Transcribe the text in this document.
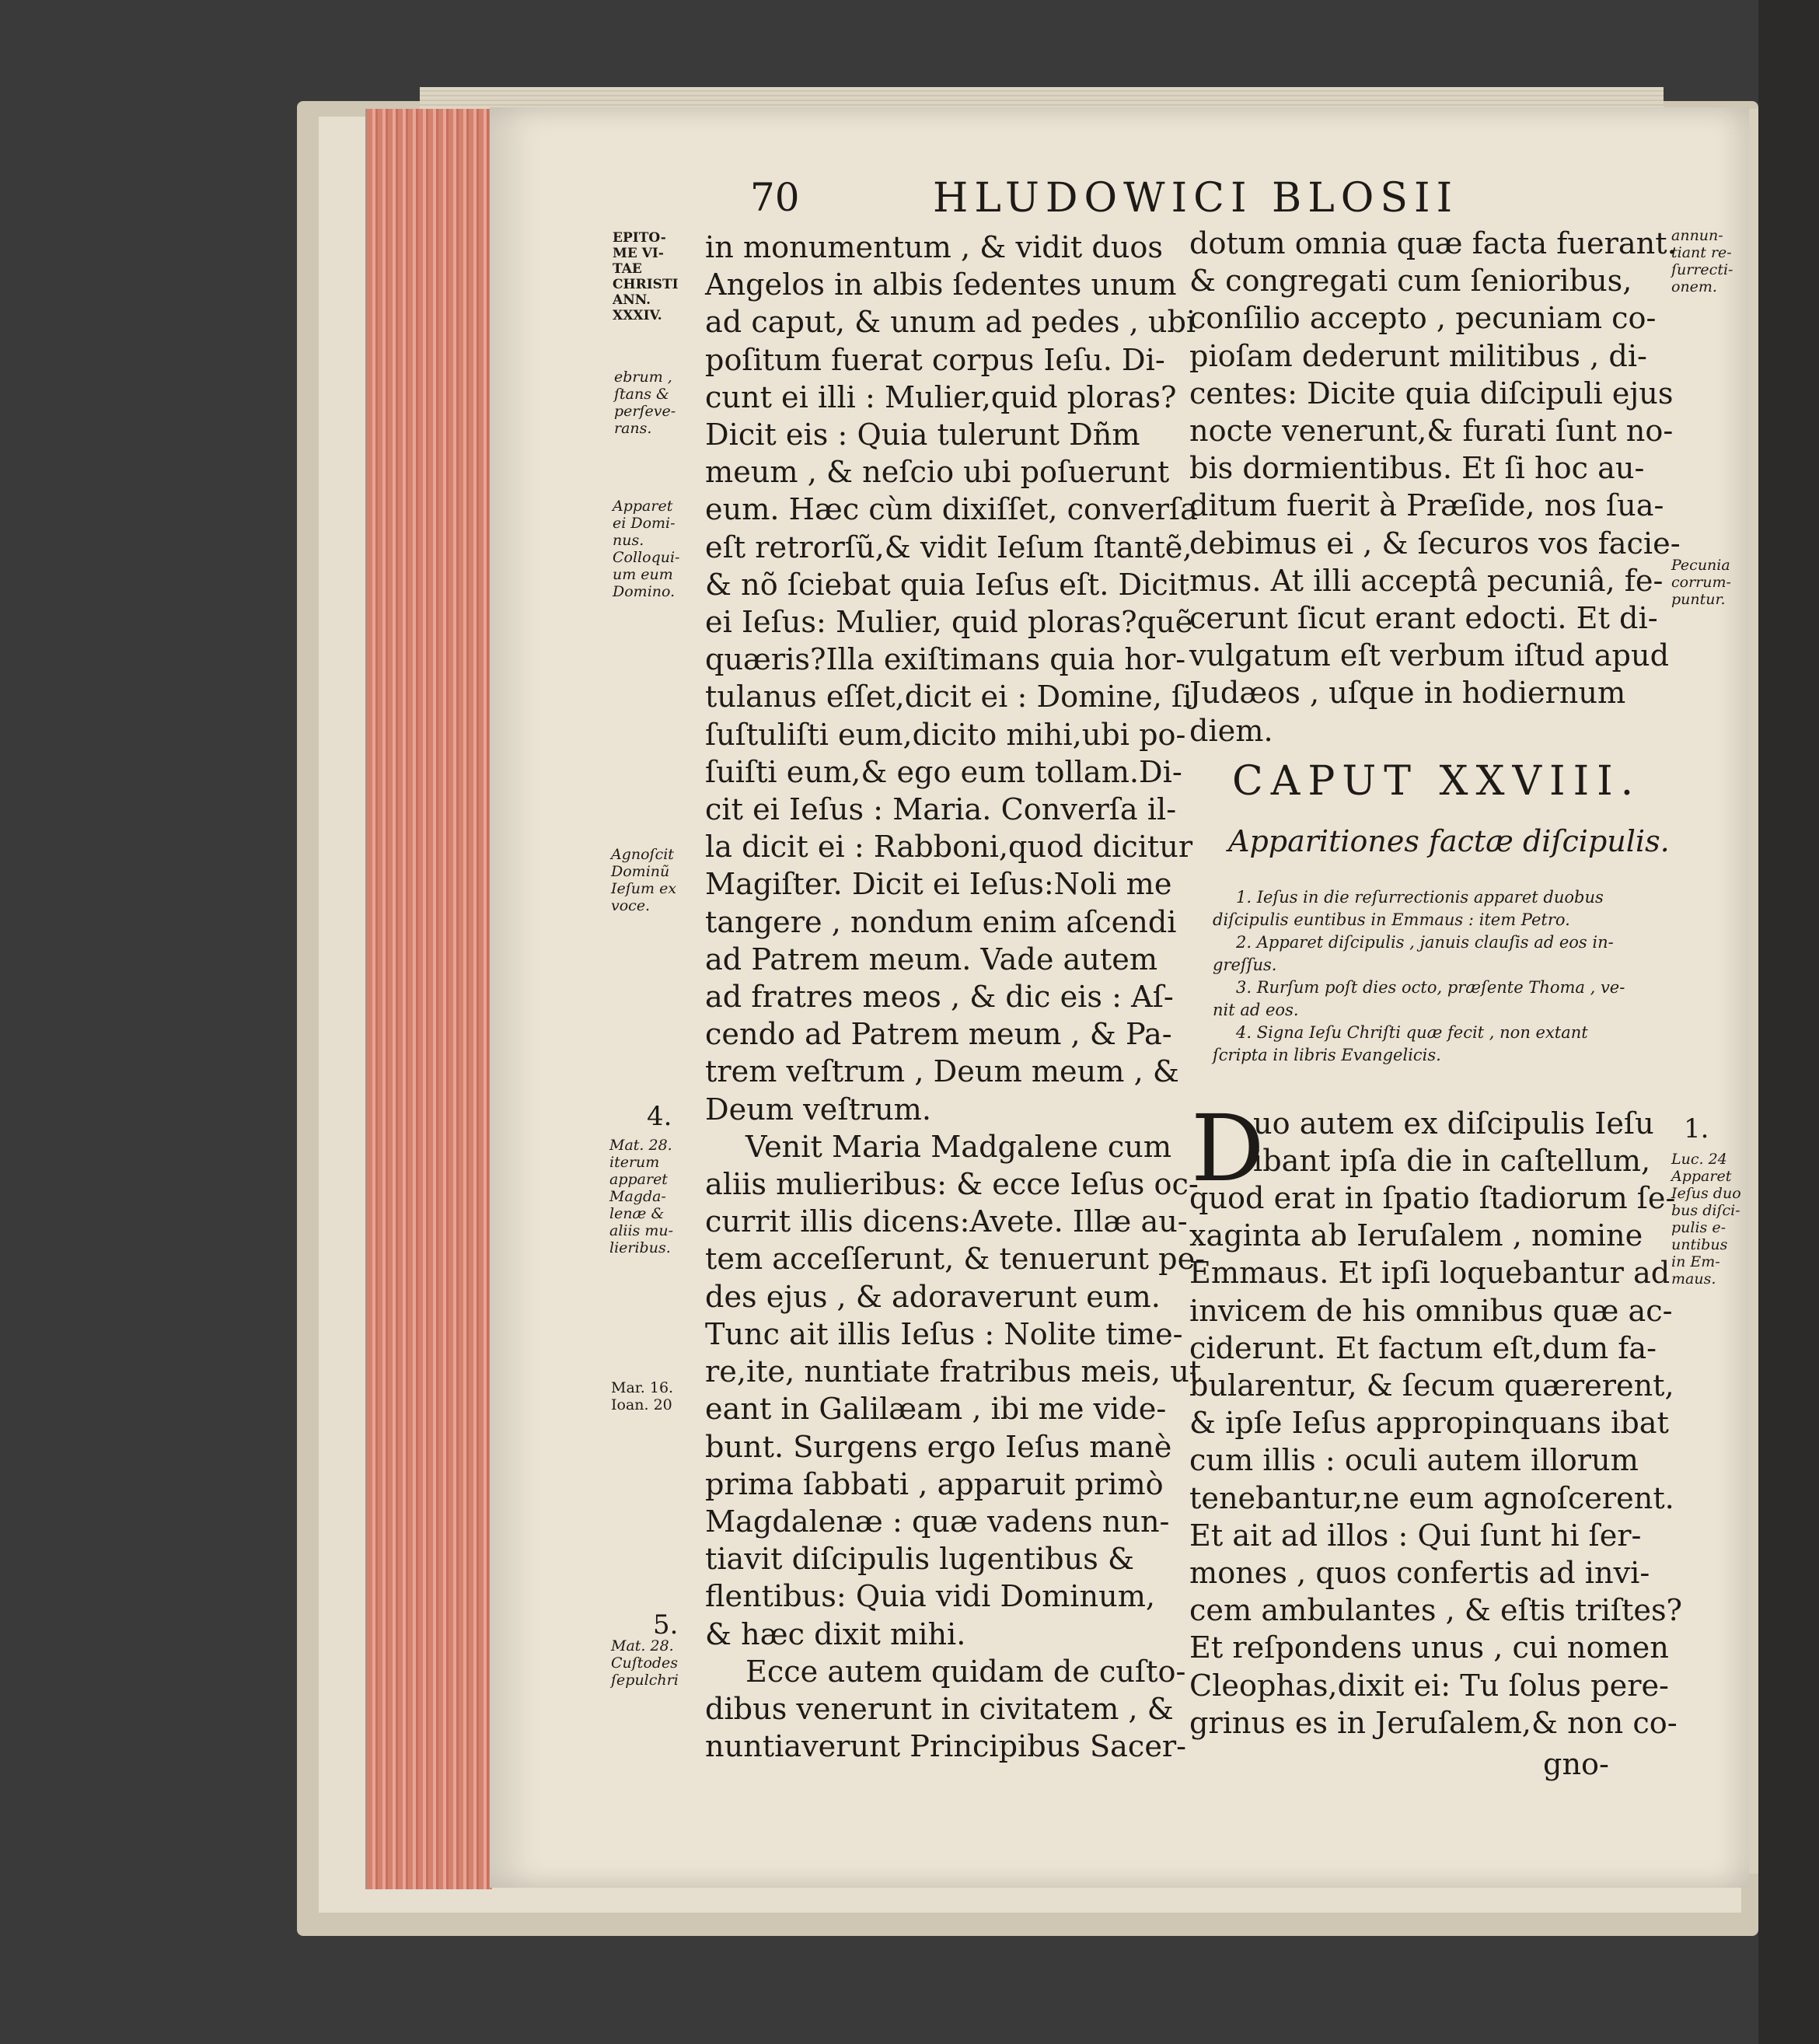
70	HLUDOWICI BLOSII
EPITO-
ME VI-
TAE
CHRISTI
ANN.
XXXIV.
ebrum ,
ſtans &
perſeve-
rans.
Apparet
ei Domi-
nus.
Colloqui-
um eum
Domino.
Agnoſcit
Dominũ
Ieſum ex
voce.
Mat. 28.
iterum
apparet
Magda-
lenæ &
aliis mu-
lieribus.
Mar. 16.
Ioan. 20
Mat. 28.
Cuſtodes
ſepulchri
annun-
tiant re-
ſurrecti-
onem.
Pecunia
corrum-
puntur.
Luc. 24
Apparet
Ieſus duo
bus diſci-
pulis e-
untibus
in Em-
maus.
4.
5.
1.
in monumentum , & vidit duos
Angelos in albis ſedentes unum
ad caput, & unum ad pedes , ubi
poſitum fuerat corpus Ieſu. Di-
cunt ei illi : Mulier,quid ploras?
Dicit eis : Quia tulerunt Dñm
meum , & neſcio ubi poſuerunt
eum. Hæc cùm dixiſſet, converſa
eſt retrorſũ,& vidit Ieſum ſtantẽ,
& nõ ſciebat quia Ieſus eſt. Dicit
ei Ieſus: Mulier, quid ploras?quẽ
quæris?Illa exiſtimans quia hor-
tulanus eſſet,dicit ei : Domine, ſi
ſuſtuliſti eum,dicito mihi,ubi po-
ſuiſti eum,& ego eum tollam.Di-
cit ei Ieſus : Maria. Converſa il-
la dicit ei : Rabboni,quod dicitur
Magiſter. Dicit ei Ieſus:Noli me
tangere , nondum enim aſcendi
ad Patrem meum. Vade autem
ad fratres meos , & dic eis : Aſ-
cendo ad Patrem meum , & Pa-
trem veſtrum , Deum meum , &
Deum veſtrum.
Venit Maria Madgalene cum
aliis mulieribus: & ecce Ieſus oc-
currit illis dicens:Avete. Illæ au-
tem acceſſerunt, & tenuerunt pe-
des ejus , & adoraverunt eum.
Tunc ait illis Ieſus : Nolite time-
re,ite, nuntiate fratribus meis, ut
eant in Galilæam , ibi me vide-
bunt. Surgens ergo Ieſus manè
prima ſabbati , apparuit primò
Magdalenæ : quæ vadens nun-
tiavit diſcipulis lugentibus &
flentibus: Quia vidi Dominum,
& hæc dixit mihi.
Ecce autem quidam de cuſto-
dibus venerunt in civitatem , &
nuntiaverunt Principibus Sacer-
dotum omnia quæ facta fuerant.
& congregati cum ſenioribus,
conſilio accepto , pecuniam co-
pioſam dederunt militibus , di-
centes: Dicite quia diſcipuli ejus
nocte venerunt,& furati ſunt no-
bis dormientibus. Et ſi hoc au-
ditum fuerit à Præſide, nos ſua-
debimus ei , & ſecuros vos facie-
mus. At illi acceptâ pecuniâ, fe-
cerunt ſicut erant edocti. Et di-
vulgatum eſt verbum iſtud apud
Judæos , uſque in hodiernum
diem.
CAPUT XXVIII.
Apparitiones factæ diſcipulis.
1. Ieſus in die reſurrectionis apparet duobus
diſcipulis euntibus in Emmaus : item Petro.
2. Apparet diſcipulis , januis clauſis ad eos in-
greſſus.
3. Rurſum poſt dies octo, præſente Thoma , ve-
nit ad eos.
4. Signa Ieſu Chriſti quæ fecit , non extant
ſcripta in libris Evangelicis.
D
uo autem ex diſcipulis Ieſu
ibant ipſa die in caſtellum,
quod erat in ſpatio ſtadiorum ſe-
xaginta ab Ieruſalem , nomine
Emmaus. Et ipſi loquebantur ad
invicem de his omnibus quæ ac-
ciderunt. Et factum eſt,dum fa-
bularentur, & ſecum quærerent,
& ipſe Ieſus appropinquans ibat
cum illis : oculi autem illorum
tenebantur,ne eum agnoſcerent.
Et ait ad illos : Qui ſunt hi ſer-
mones , quos confertis ad invi-
cem ambulantes , & eſtis triſtes?
Et reſpondens unus , cui nomen
Cleophas,dixit ei: Tu ſolus pere-
grinus es in Jeruſalem,& non co-
gno-
